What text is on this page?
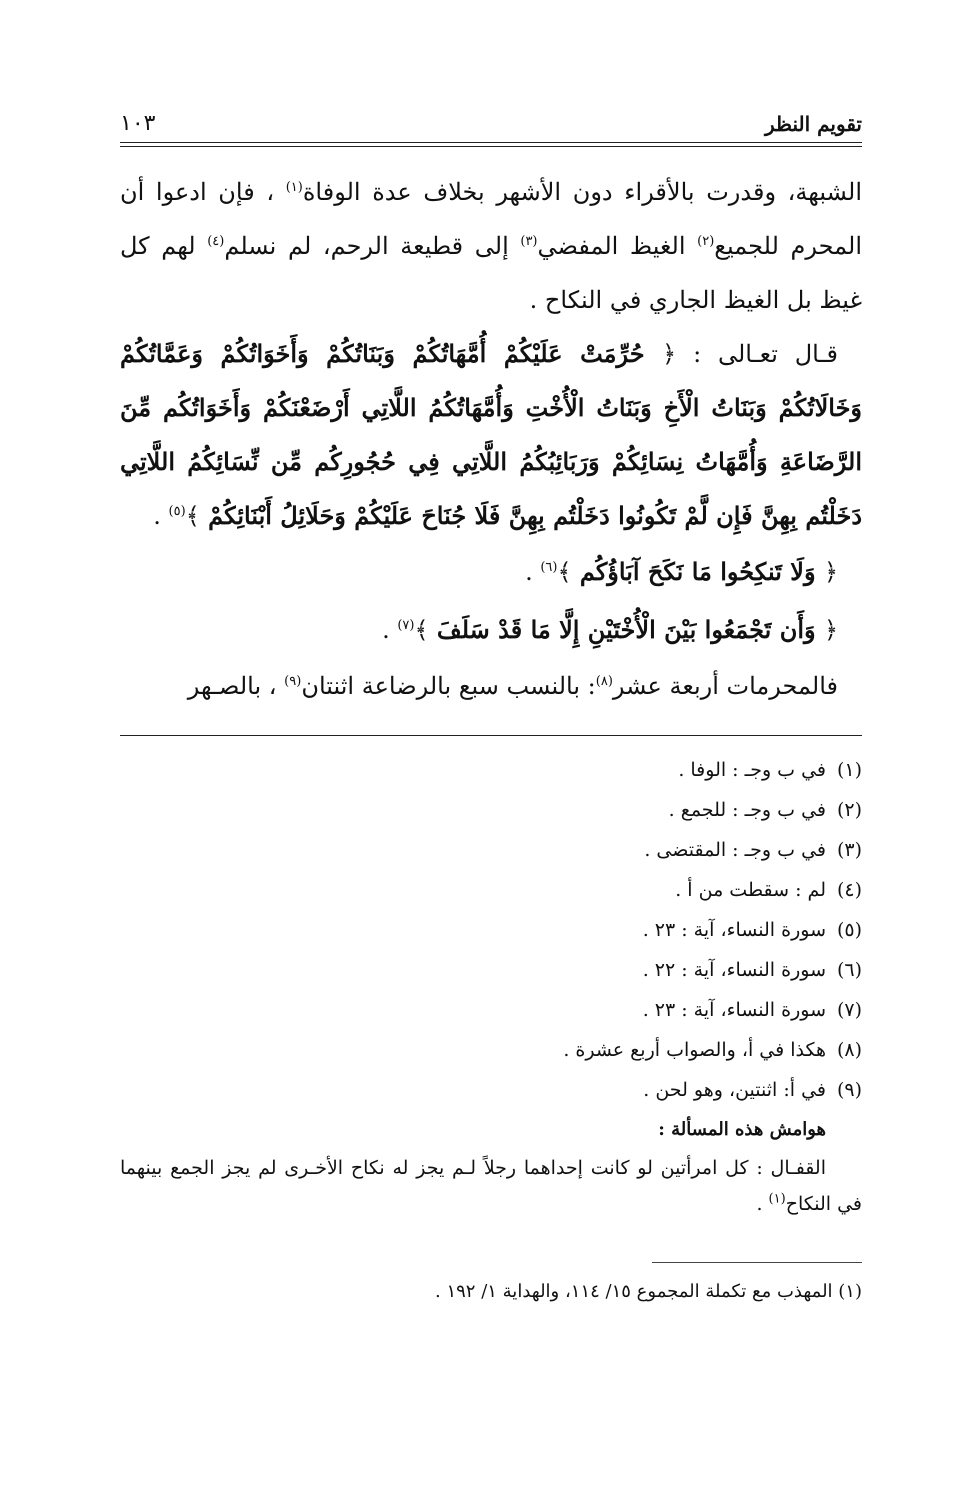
تقويم النظر
١٠٣

الشبهة، وقدرت بالأقراء دون الأشهر بخلاف عدة الوفاة$^{(١)}$ ، فإن ادعوا أن المحرم للجميع$^{(٢)}$ الغيظ المفضي$^{(٣)}$ إلى قطيعة الرحم، لم نسلم$^{(٤)}$ لهم كل غيظ بل الغيظ الجاري في النكاح .

قـال تعـالى : ﴿ حُرِّمَتْ عَلَيْكُمْ أُمَّهَاتُكُمْ وَبَنَاتُكُمْ وَأَخَوَاتُكُمْ وَعَمَّاتُكُمْ وَخَالَاتُكُمْ وَبَنَاتُ الْأَخِ وَبَنَاتُ الْأُخْتِ وَأُمَّهَاتُكُمُ اللَّاتِي أَرْضَعْنَكُمْ وَأَخَوَاتُكُم مِّنَ الرَّضَاعَةِ وَأُمَّهَاتُ نِسَائِكُمْ وَرَبَائِبُكُمُ اللَّاتِي فِي حُجُورِكُم مِّن نِّسَائِكُمُ اللَّاتِي دَخَلْتُم بِهِنَّ فَإِن لَّمْ تَكُونُوا دَخَلْتُم بِهِنَّ فَلَا جُنَاحَ عَلَيْكُمْ وَحَلَائِلُ أَبْنَائِكُمْ ﴾$^{(٥)}$ .

﴿ وَلَا تَنكِحُوا مَا نَكَحَ آبَاؤُكُم ﴾$^{(٦)}$ .

﴿ وَأَن تَجْمَعُوا بَيْنَ الْأُخْتَيْنِ إِلَّا مَا قَدْ سَلَفَ ﴾$^{(٧)}$ .

فالمحرمات أربعة عشر$^{(٨)}$: بالنسب سبع بالرضاعة اثنتان$^{(٩)}$ ، بالصـهر

(١)في ب وجـ : الوفا .

(٢)في ب وجـ : للجمع .

(٣)في ب وجـ : المقتضى .

(٤)لم : سقطت من أ .

(٥)سورة النساء، آية : ٢٣ .

(٦)سورة النساء، آية : ٢٢ .

(٧)سورة النساء، آية : ٢٣ .

(٨)هكذا في أ، والصواب أربع عشرة .

(٩)في أ: اثنتين، وهو لحن .

هوامش هذه المسألة :

القفـال : كل امرأتين لو كانت إحداهما رجلاً لـم يجز له نكاح الأخـرى لم يجز الجمع بينهما في النكاح$^{(١)}$ .

(١) المهذب مع تكملة المجموع ١٥/ ١١٤، والهداية ١/ ١٩٢ .
